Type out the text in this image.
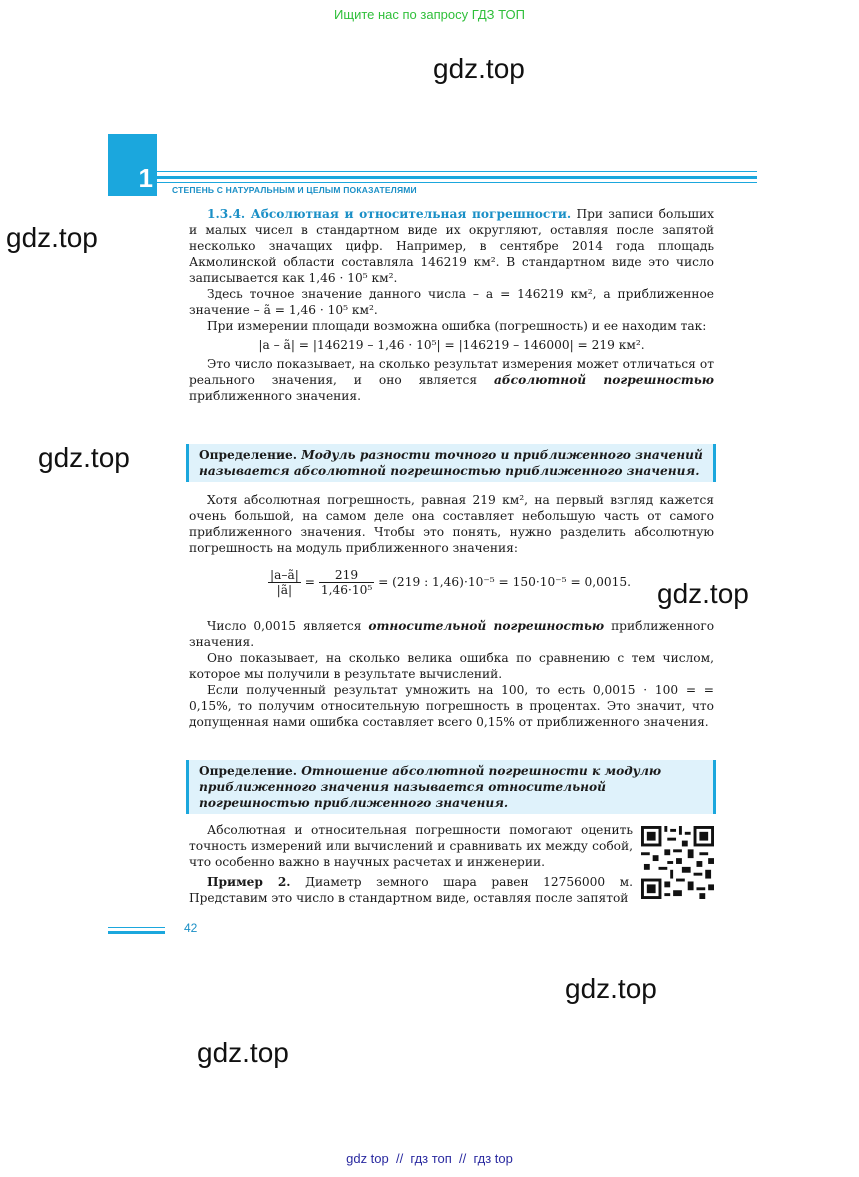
Ищите нас по запросу ГДЗ ТОП
gdz.top
gdz.top
gdz.top
gdz.top
gdz.top
gdz.top
1 СТЕПЕНЬ С НАТУРАЛЬНЫМ И ЦЕЛЫМ ПОКАЗАТЕЛЯМИ

1.3.4. Абсолютная и относительная погрешности. При записи больших и малых чисел в стандартном виде их округляют, оставляя после запятой несколько значащих цифр. Например, в сентябре 2014 года площадь Акмолинской области составляла 146219 км². В стандартном виде это число записывается как 1,46 · 10⁵ км².

Здесь точное значение данного числа – a = 146219 км², а приближенное значение – ã = 1,46 · 10⁵ км².

При измерении площади возможна ошибка (погрешность) и ее находим так:

|a – ã| = |146219 – 1,46 · 10⁵| = |146219 – 146000| = 219 км².

Это число показывает, на сколько результат измерения может отличаться от реального значения, и оно является абсолютной погрешностью приближенного значения.

Определение. Модуль разности точного и приближенного значений называется абсолютной погрешностью приближенного значения.

Хотя абсолютная погрешность, равная 219 км², на первый взгляд кажется очень большой, на самом деле она составляет небольшую часть от самого приближенного значения. Чтобы это понять, нужно разделить абсолютную погрешность на модуль приближенного значения:

$\frac{|a-ã|}{|ã|} = \frac{219}{\text{1,46·10⁵}} = (219$ : 1,46)·10⁻⁵ = 150·10⁻⁵ = 0,0015.

Число 0,0015 является относительной погрешностью приближенного значения.

Оно показывает, на сколько велика ошибка по сравнению с тем числом, которое мы получили в результате вычислений.

Если полученный результат умножить на 100, то есть 0,0015 · 100 = = 0,15%, то получим относительную погрешность в процентах. Это значит, что допущенная нами ошибка составляет всего 0,15% от приближенного значения.

Определение. Отношение абсолютной погрешности к модулю приближенного значения называется относительной погрешностью приближенного значения.

Абсолютная и относительная погрешности помогают оценить точность измерений или вычислений и сравнивать их между собой, что особенно важно в научных расчетах и инженерии.

Пример 2. Диаметр земного шара равен 12756000 м. Представим это число в стандартном виде, оставляя после запятой

42
gdz top  //  гдз топ  //  гдз top
